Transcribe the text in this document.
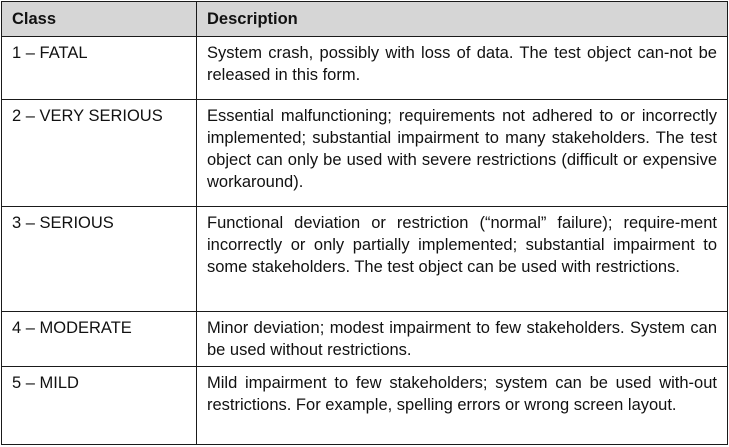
Class	Description
1 – FATAL	System crash, possibly with loss of data. The test object can-not be released in this form.
2 – VERY SERIOUS	Essential malfunctioning; requirements not adhered to or incorrectly implemented; substantial impairment to many stakeholders. The test object can only be used with severe restrictions (difficult or expensive workaround).
3 – SERIOUS	Functional deviation or restriction (“normal” failure); require-ment incorrectly or only partially implemented; substantial impairment to some stakeholders. The test object can be used with restrictions.
4 – MODERATE	Minor deviation; modest impairment to few stakeholders. System can be used without restrictions.
5 – MILD	Mild impairment to few stakeholders; system can be used with-out restrictions. For example, spelling errors or wrong screen layout.
